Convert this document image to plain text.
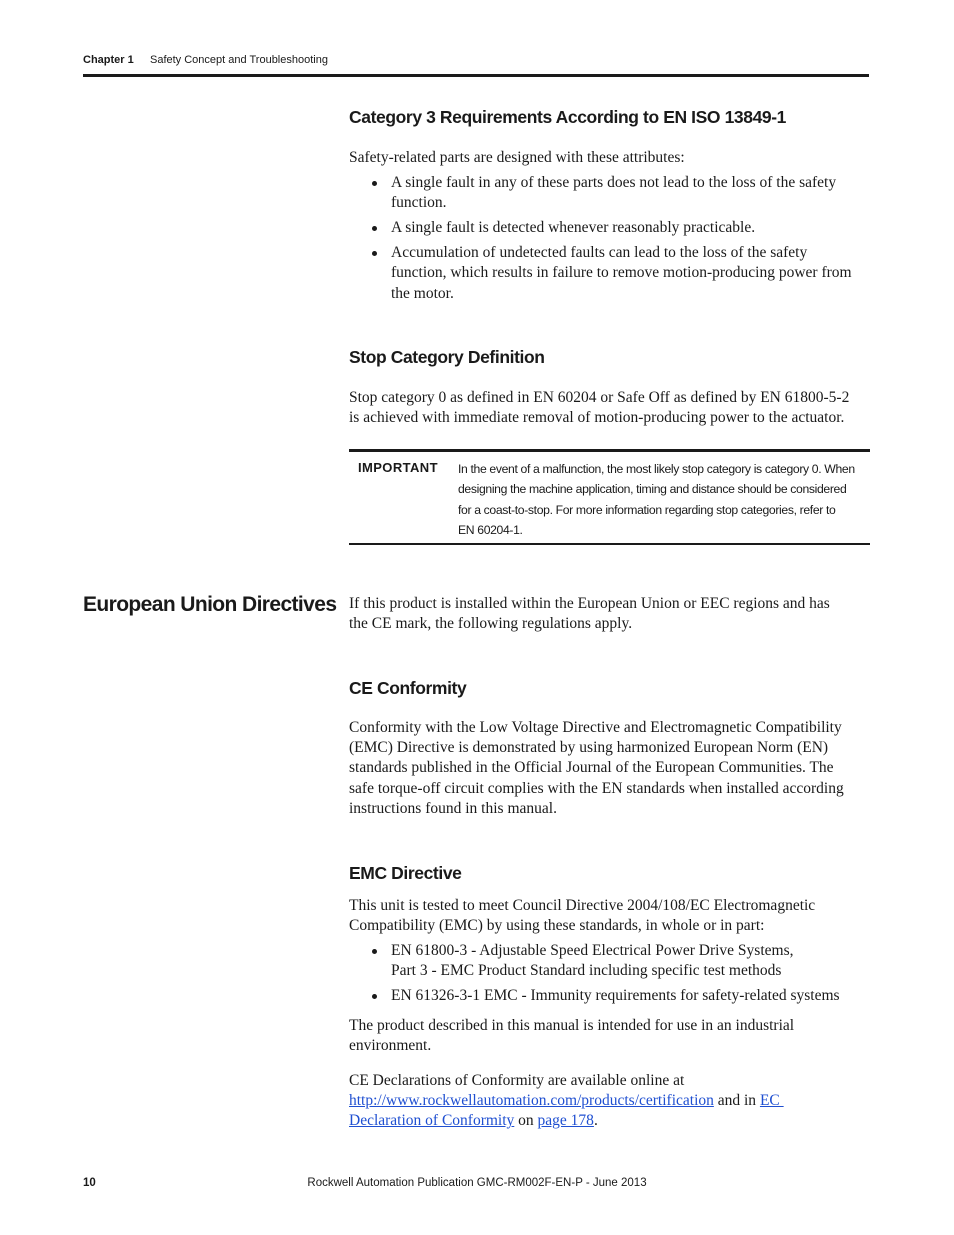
Chapter 1 Safety Concept and Troubleshooting
Category 3 Requirements According to EN ISO 13849-1
Safety-related parts are designed with these attributes:
A single fault in any of these parts does not lead to the loss of the safety
function.
A single fault is detected whenever reasonably practicable.
Accumulation of undetected faults can lead to the loss of the safety
function, which results in failure to remove motion-producing power from
the motor.
Stop Category Definition
Stop category 0 as defined in EN 60204 or Safe Off as defined by EN 61800-5-2
is achieved with immediate removal of motion-producing power to the actuator.
IMPORTANT In the event of a malfunction, the most likely stop category is category 0. When
designing the machine application, timing and distance should be considered
for a coast-to-stop. For more information regarding stop categories, refer to
EN 60204-1.
European Union Directives If this product is installed within the European Union or EEC regions and has
the CE mark, the following regulations apply.
CE Conformity
Conformity with the Low Voltage Directive and Electromagnetic Compatibility
(EMC) Directive is demonstrated by using harmonized European Norm (EN)
standards published in the Official Journal of the European Communities. The
safe torque-off circuit complies with the EN standards when installed according
instructions found in this manual.
EMC Directive
This unit is tested to meet Council Directive 2004/108/EC Electromagnetic
Compatibility (EMC) by using these standards, in whole or in part:
EN 61800-3 - Adjustable Speed Electrical Power Drive Systems,
Part 3 - EMC Product Standard including specific test methods
EN 61326-3-1 EMC - Immunity requirements for safety-related systems
The product described in this manual is intended for use in an industrial
environment.
CE Declarations of Conformity are available online at
http://www.rockwellautomation.com/products/certification and in EC
Declaration of Conformity on page 178.
Rockwell Automation Publication GMC-RM002F-EN-P - June 2013
10
